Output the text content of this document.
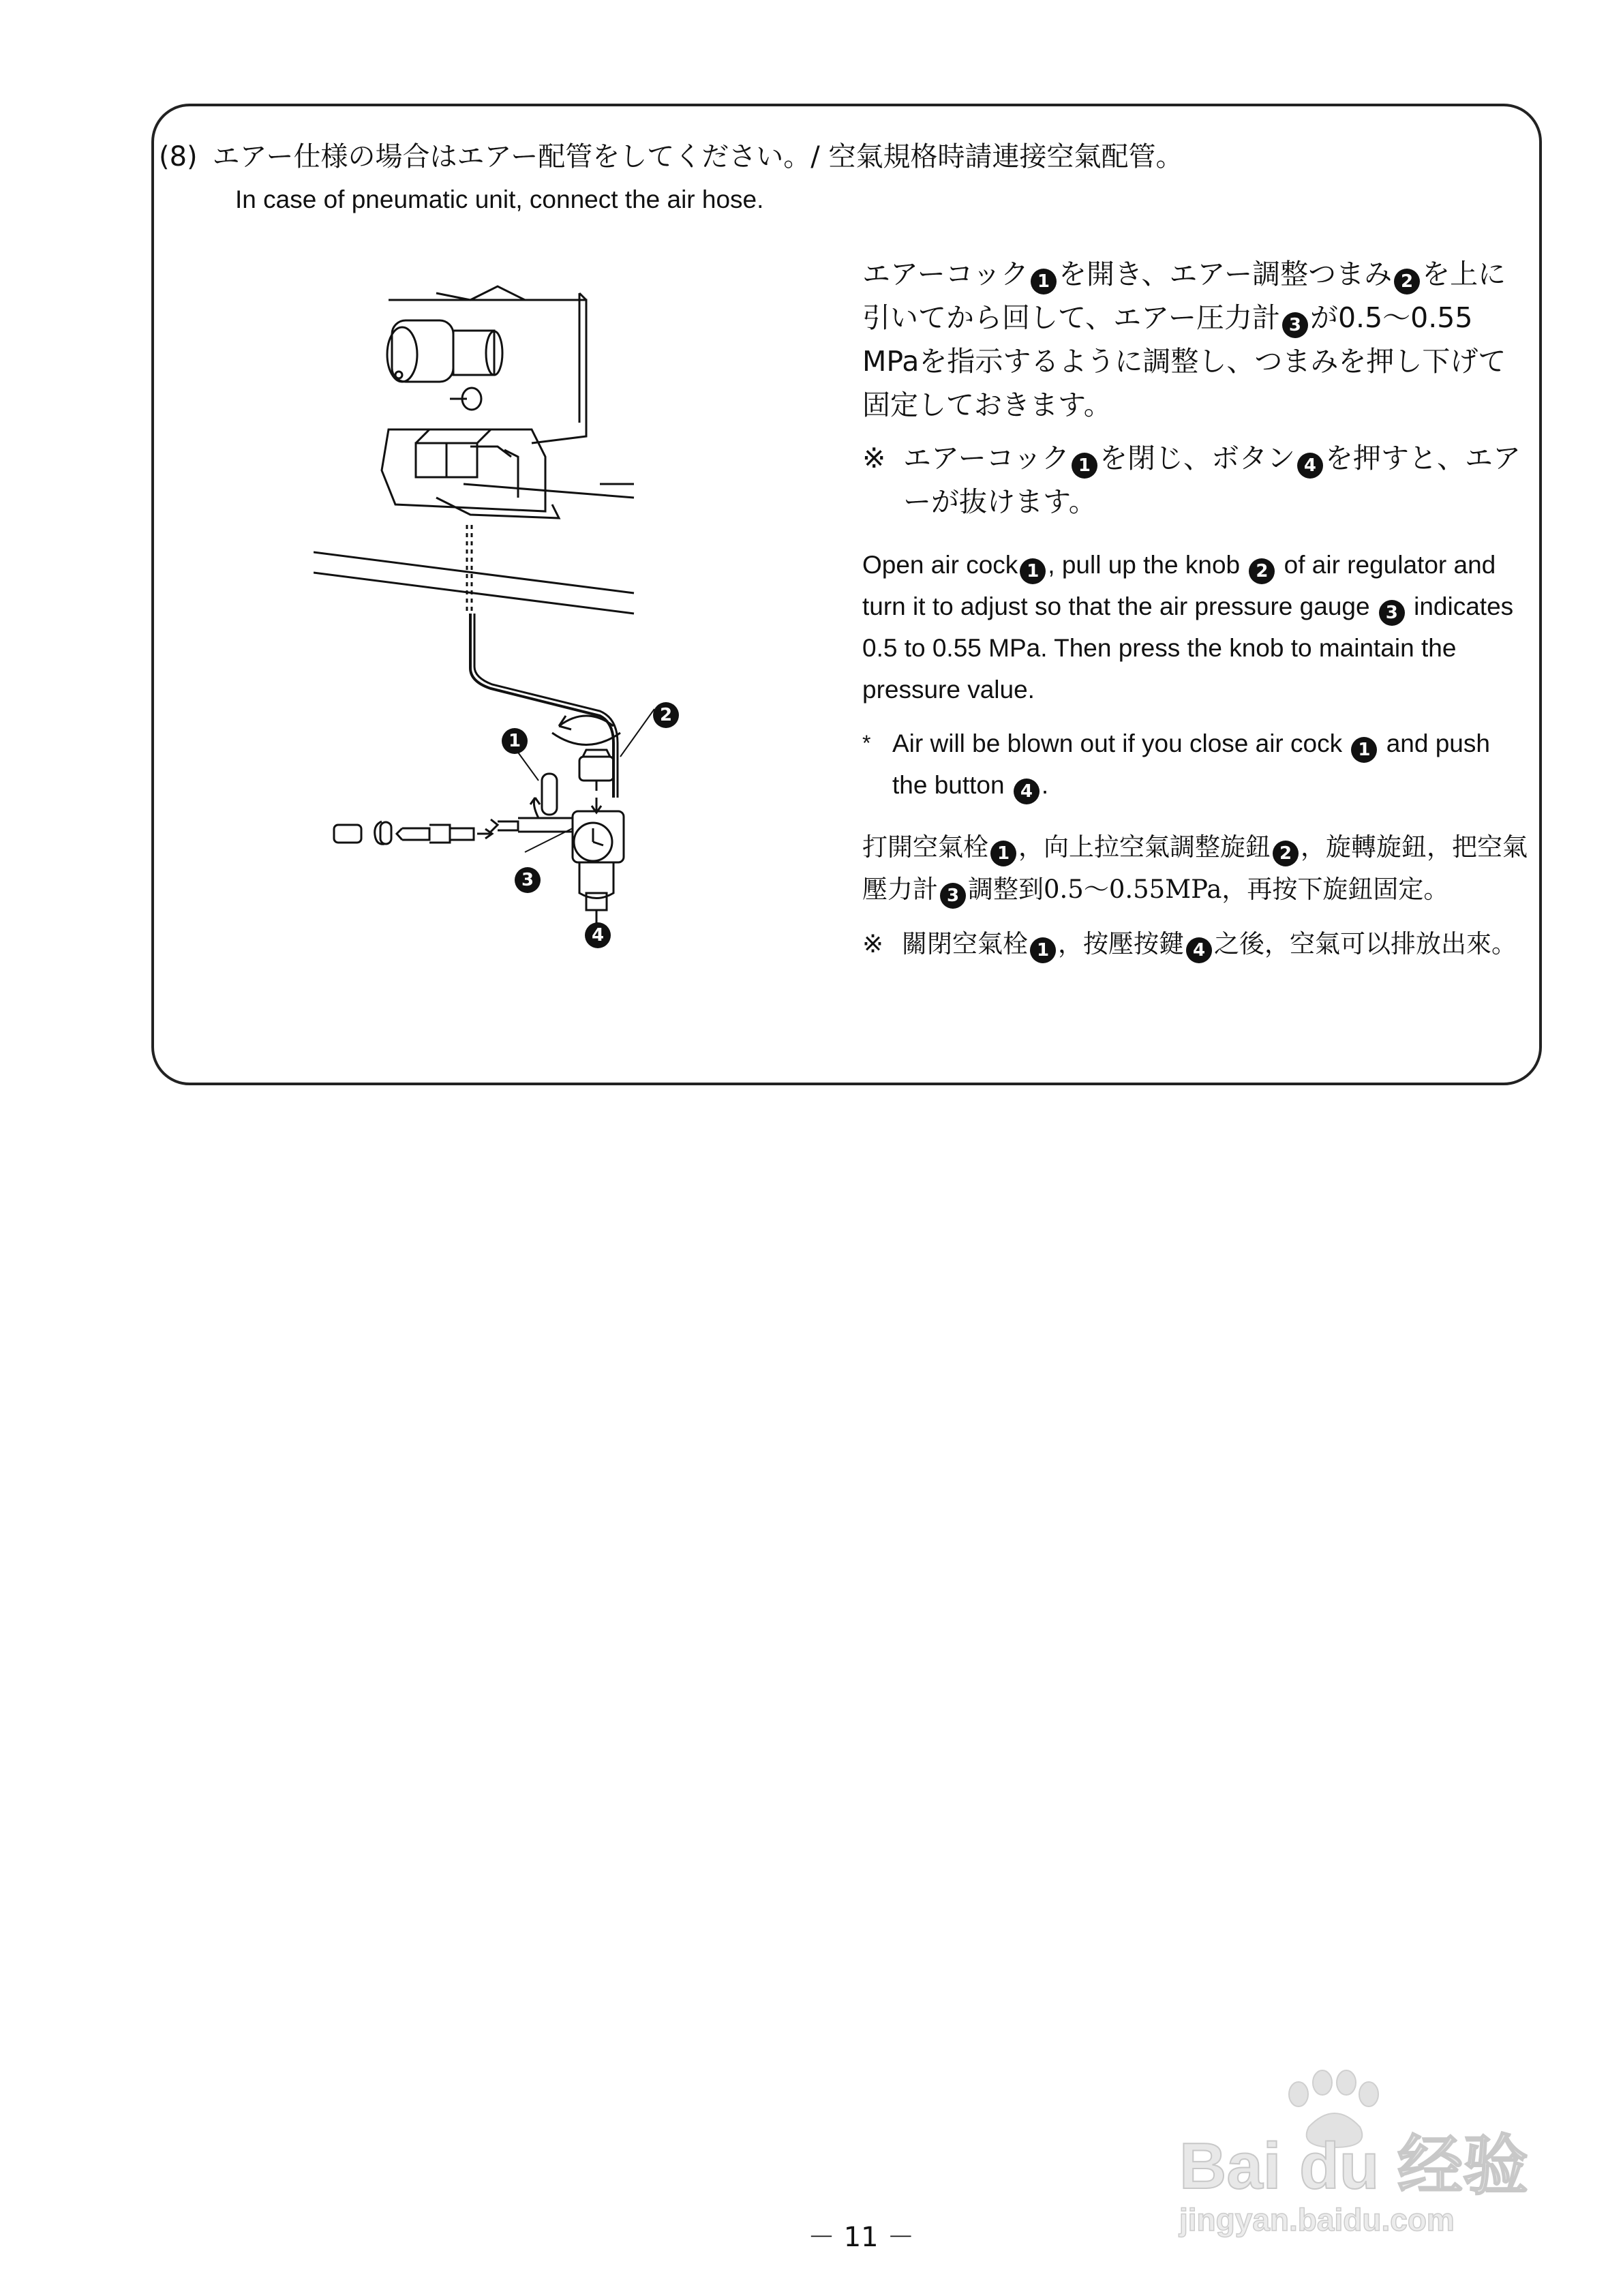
(8) エアー仕様の場合はエアー配管をしてください。/ 空氣規格時請連接空氣配管。
In case of pneumatic unit, connect the air hose.
1
2
3
4
エアーコック 1 を開き、エアー調整つまみ 2 を上に引いてから回して、エアー圧力計 3 が0.5～0.55 MPaを指示するように調整し、つまみを押し下げて固定しておきます。
※ エアーコック 1 を閉じ、ボタン 4 を押すと、エアーが抜けます。
Open air cock 1 , pull up the knob 2 of air regulator and turn it to adjust so that the air pressure gauge 3 indicates 0.5 to 0.55 MPa. Then press the knob to maintain the pressure value.
* Air will be blown out if you close air cock 1 and push the button 4 .
打開空氣栓 1 ，向上拉空氣調整旋鈕 2 ，旋轉旋鈕，把空氣壓力計 3 調整到0.5～0.55MPa，再按下旋鈕固定。
※ 關閉空氣栓 1 ，按壓按鍵 4 之後，空氣可以排放出來。
－ 11 －
Bai du 经验
jingyan.baidu.com
